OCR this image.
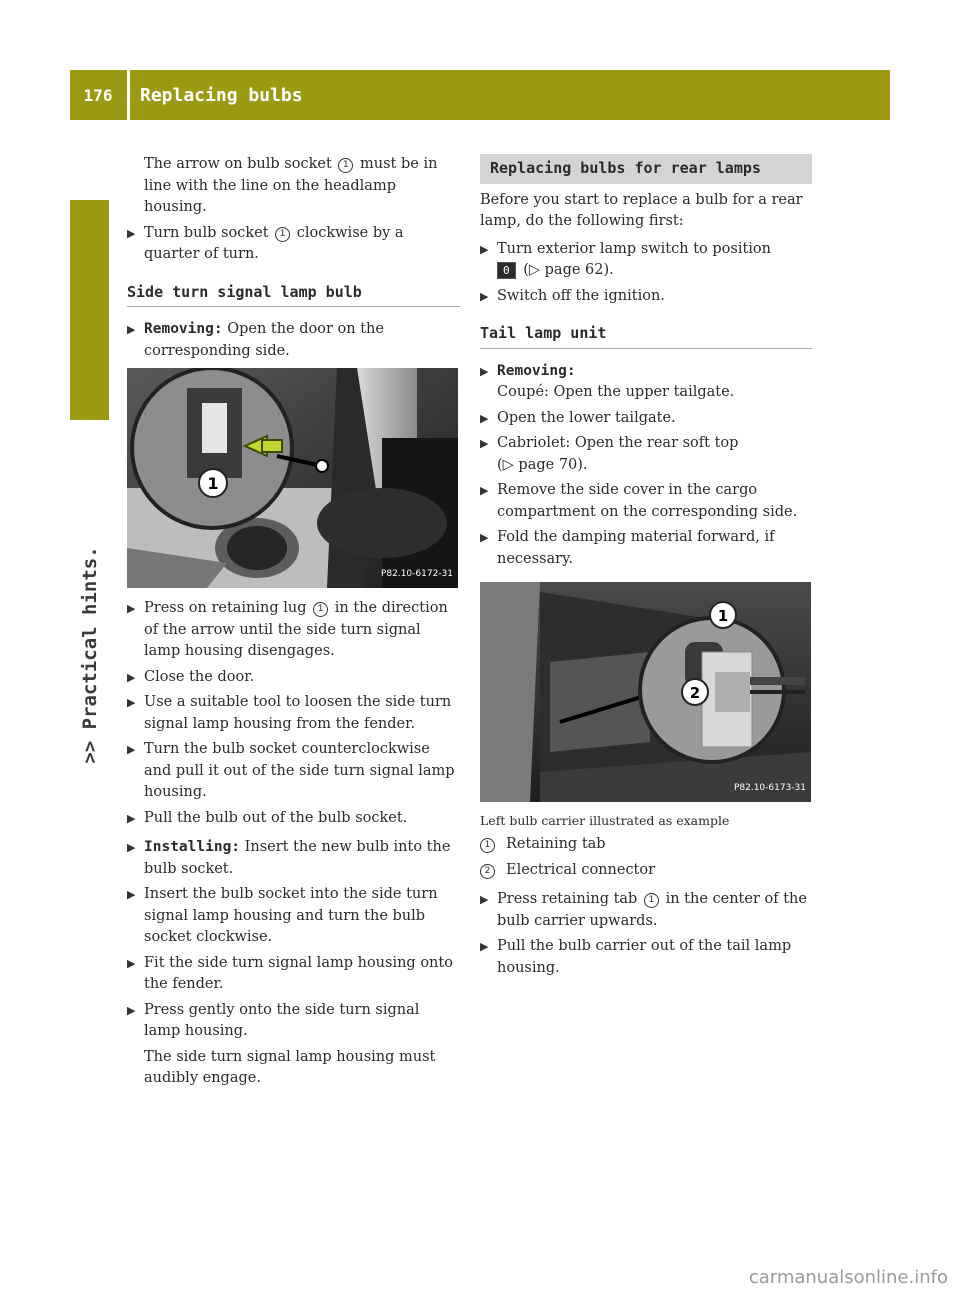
176	Replacing bulbs
>> Practical hints.

The arrow on bulb socket 1 must be in line with the line on the headlamp housing.

▶ Turn bulb socket 1 clockwise by a quarter of turn.
Side turn signal lamp bulb
▶ Removing: Open the door on the corresponding side.
1
P82.10-6172-31
▶ Press on retaining lug 1 in the direction of the arrow until the side turn signal lamp housing disengages.
▶ Close the door.
▶ Use a suitable tool to loosen the side turn signal lamp housing from the fender.
▶ Turn the bulb socket counterclockwise and pull it out of the side turn signal lamp housing.
▶ Pull the bulb out of the bulb socket.
▶ Installing: Insert the new bulb into the bulb socket.
▶ Insert the bulb socket into the side turn signal lamp housing and turn the bulb socket clockwise.
▶ Fit the side turn signal lamp housing onto the fender.
▶ Press gently onto the side turn signal lamp housing.

The side turn signal lamp housing must audibly engage.

Replacing bulbs for rear lamps

Before you start to replace a bulb for a rear lamp, do the following first:

▶ Turn exterior lamp switch to position
0 (▷ page 62).
▶ Switch off the ignition.
Tail lamp unit
▶ Removing:
Coupé: Open the upper tailgate.
▶ Open the lower tailgate.
▶ Cabriolet: Open the rear soft top
(▷ page 70).
▶ Remove the side cover in the cargo compartment on the corresponding side.
▶ Fold the damping material forward, if necessary.
1
2
P82.10-6173-31
Left bulb carrier illustrated as example
1	Retaining tab
2	Electrical connector
▶ Press retaining tab 1 in the center of the bulb carrier upwards.
▶ Pull the bulb carrier out of the tail lamp housing.
carmanualsonline.info
